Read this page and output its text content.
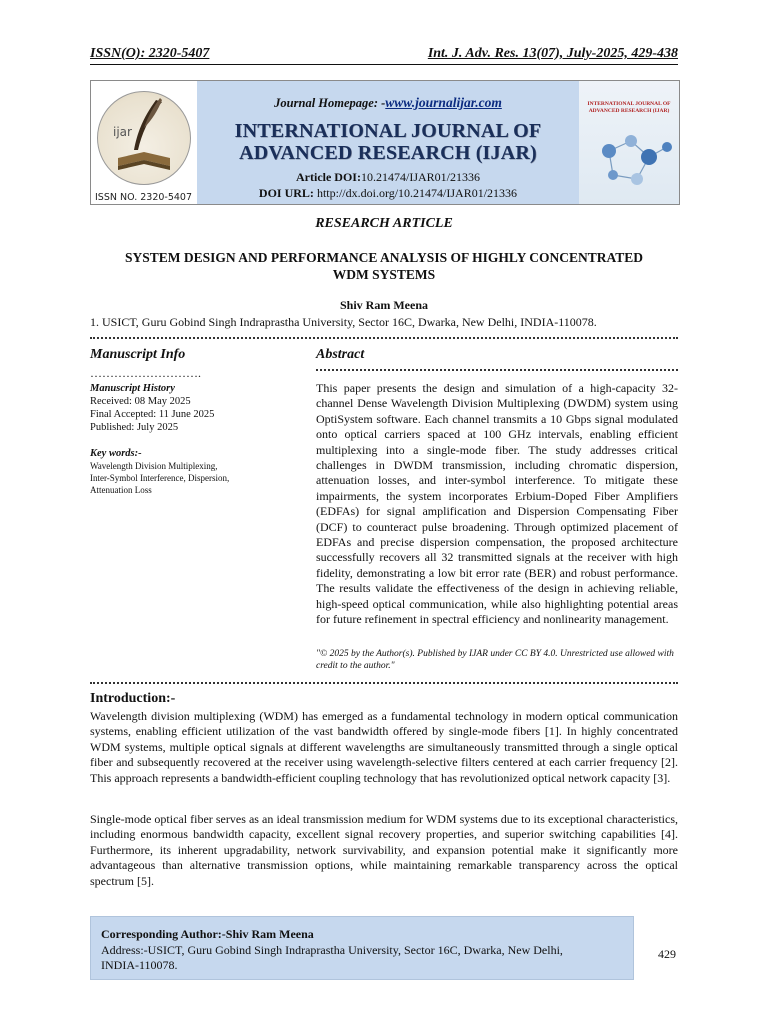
ISSN(O): 2320-5407	Int. J. Adv. Res. 13(07), July-2025, 429-438
ijar
ISSN NO. 2320-5407
Journal Homepage: -www.journalijar.com
INTERNATIONAL JOURNAL OF
ADVANCED RESEARCH (IJAR)
Article DOI:10.21474/IJAR01/21336
DOI URL: http://dx.doi.org/10.21474/IJAR01/21336
INTERNATIONAL JOURNAL OF ADVANCED RESEARCH (IJAR)
RESEARCH ARTICLE
SYSTEM DESIGN AND PERFORMANCE ANALYSIS OF HIGHLY CONCENTRATED
WDM SYSTEMS
Shiv Ram Meena
1. USICT, Guru Gobind Singh Indraprastha University, Sector 16C, Dwarka, New Delhi, INDIA-110078.
Manuscript Info
……………………….
Manuscript History
Received: 08 May 2025
Final Accepted: 11 June 2025
Published: July 2025
Key words:-
Wavelength Division Multiplexing,
Inter-Symbol Interference, Dispersion,
Attenuation Loss
Abstract
This paper presents the design and simulation of a high-capacity 32-channel Dense Wavelength Division Multiplexing (DWDM) system using OptiSystem software. Each channel transmits a 10 Gbps signal modulated onto optical carriers spaced at 100 GHz intervals, enabling efficient multiplexing into a single-mode fiber. The study addresses critical challenges in DWDM transmission, including chromatic dispersion, attenuation losses, and inter-symbol interference. To mitigate these impairments, the system incorporates Erbium-Doped Fiber Amplifiers (EDFAs) for signal amplification and Dispersion Compensating Fiber (DCF) to counteract pulse broadening. Through optimized placement of EDFAs and precise dispersion compensation, the proposed architecture successfully recovers all 32 transmitted signals at the receiver with high fidelity, demonstrating a low bit error rate (BER) and robust performance. The results validate the effectiveness of the design in achieving reliable, high-speed optical communication, while also highlighting potential areas for future refinement in spectral efficiency and nonlinearity management.
"© 2025 by the Author(s). Published by IJAR under CC BY 4.0. Unrestricted use allowed with credit to the author."
Introduction:-
Wavelength division multiplexing (WDM) has emerged as a fundamental technology in modern optical communication systems, enabling efficient utilization of the vast bandwidth offered by single-mode fibers [1]. In highly concentrated WDM systems, multiple optical signals at different wavelengths are simultaneously transmitted through a single optical fiber and subsequently recovered at the receiver using wavelength-selective filters centered at each carrier frequency [2]. This approach represents a bandwidth-efficient coupling technology that has revolutionized optical network capacity [3].
Single-mode optical fiber serves as an ideal transmission medium for WDM systems due to its exceptional characteristics, including enormous bandwidth capacity, excellent signal recovery properties, and superior switching capabilities [4]. Furthermore, its inherent upgradability, network survivability, and expansion potential make it significantly more advantageous than alternative transmission options, while maintaining remarkable transparency across the optical spectrum [5].
Corresponding Author:-Shiv Ram Meena
Address:-USICT, Guru Gobind Singh Indraprastha University, Sector 16C, Dwarka, New Delhi,
INDIA-110078.
429
